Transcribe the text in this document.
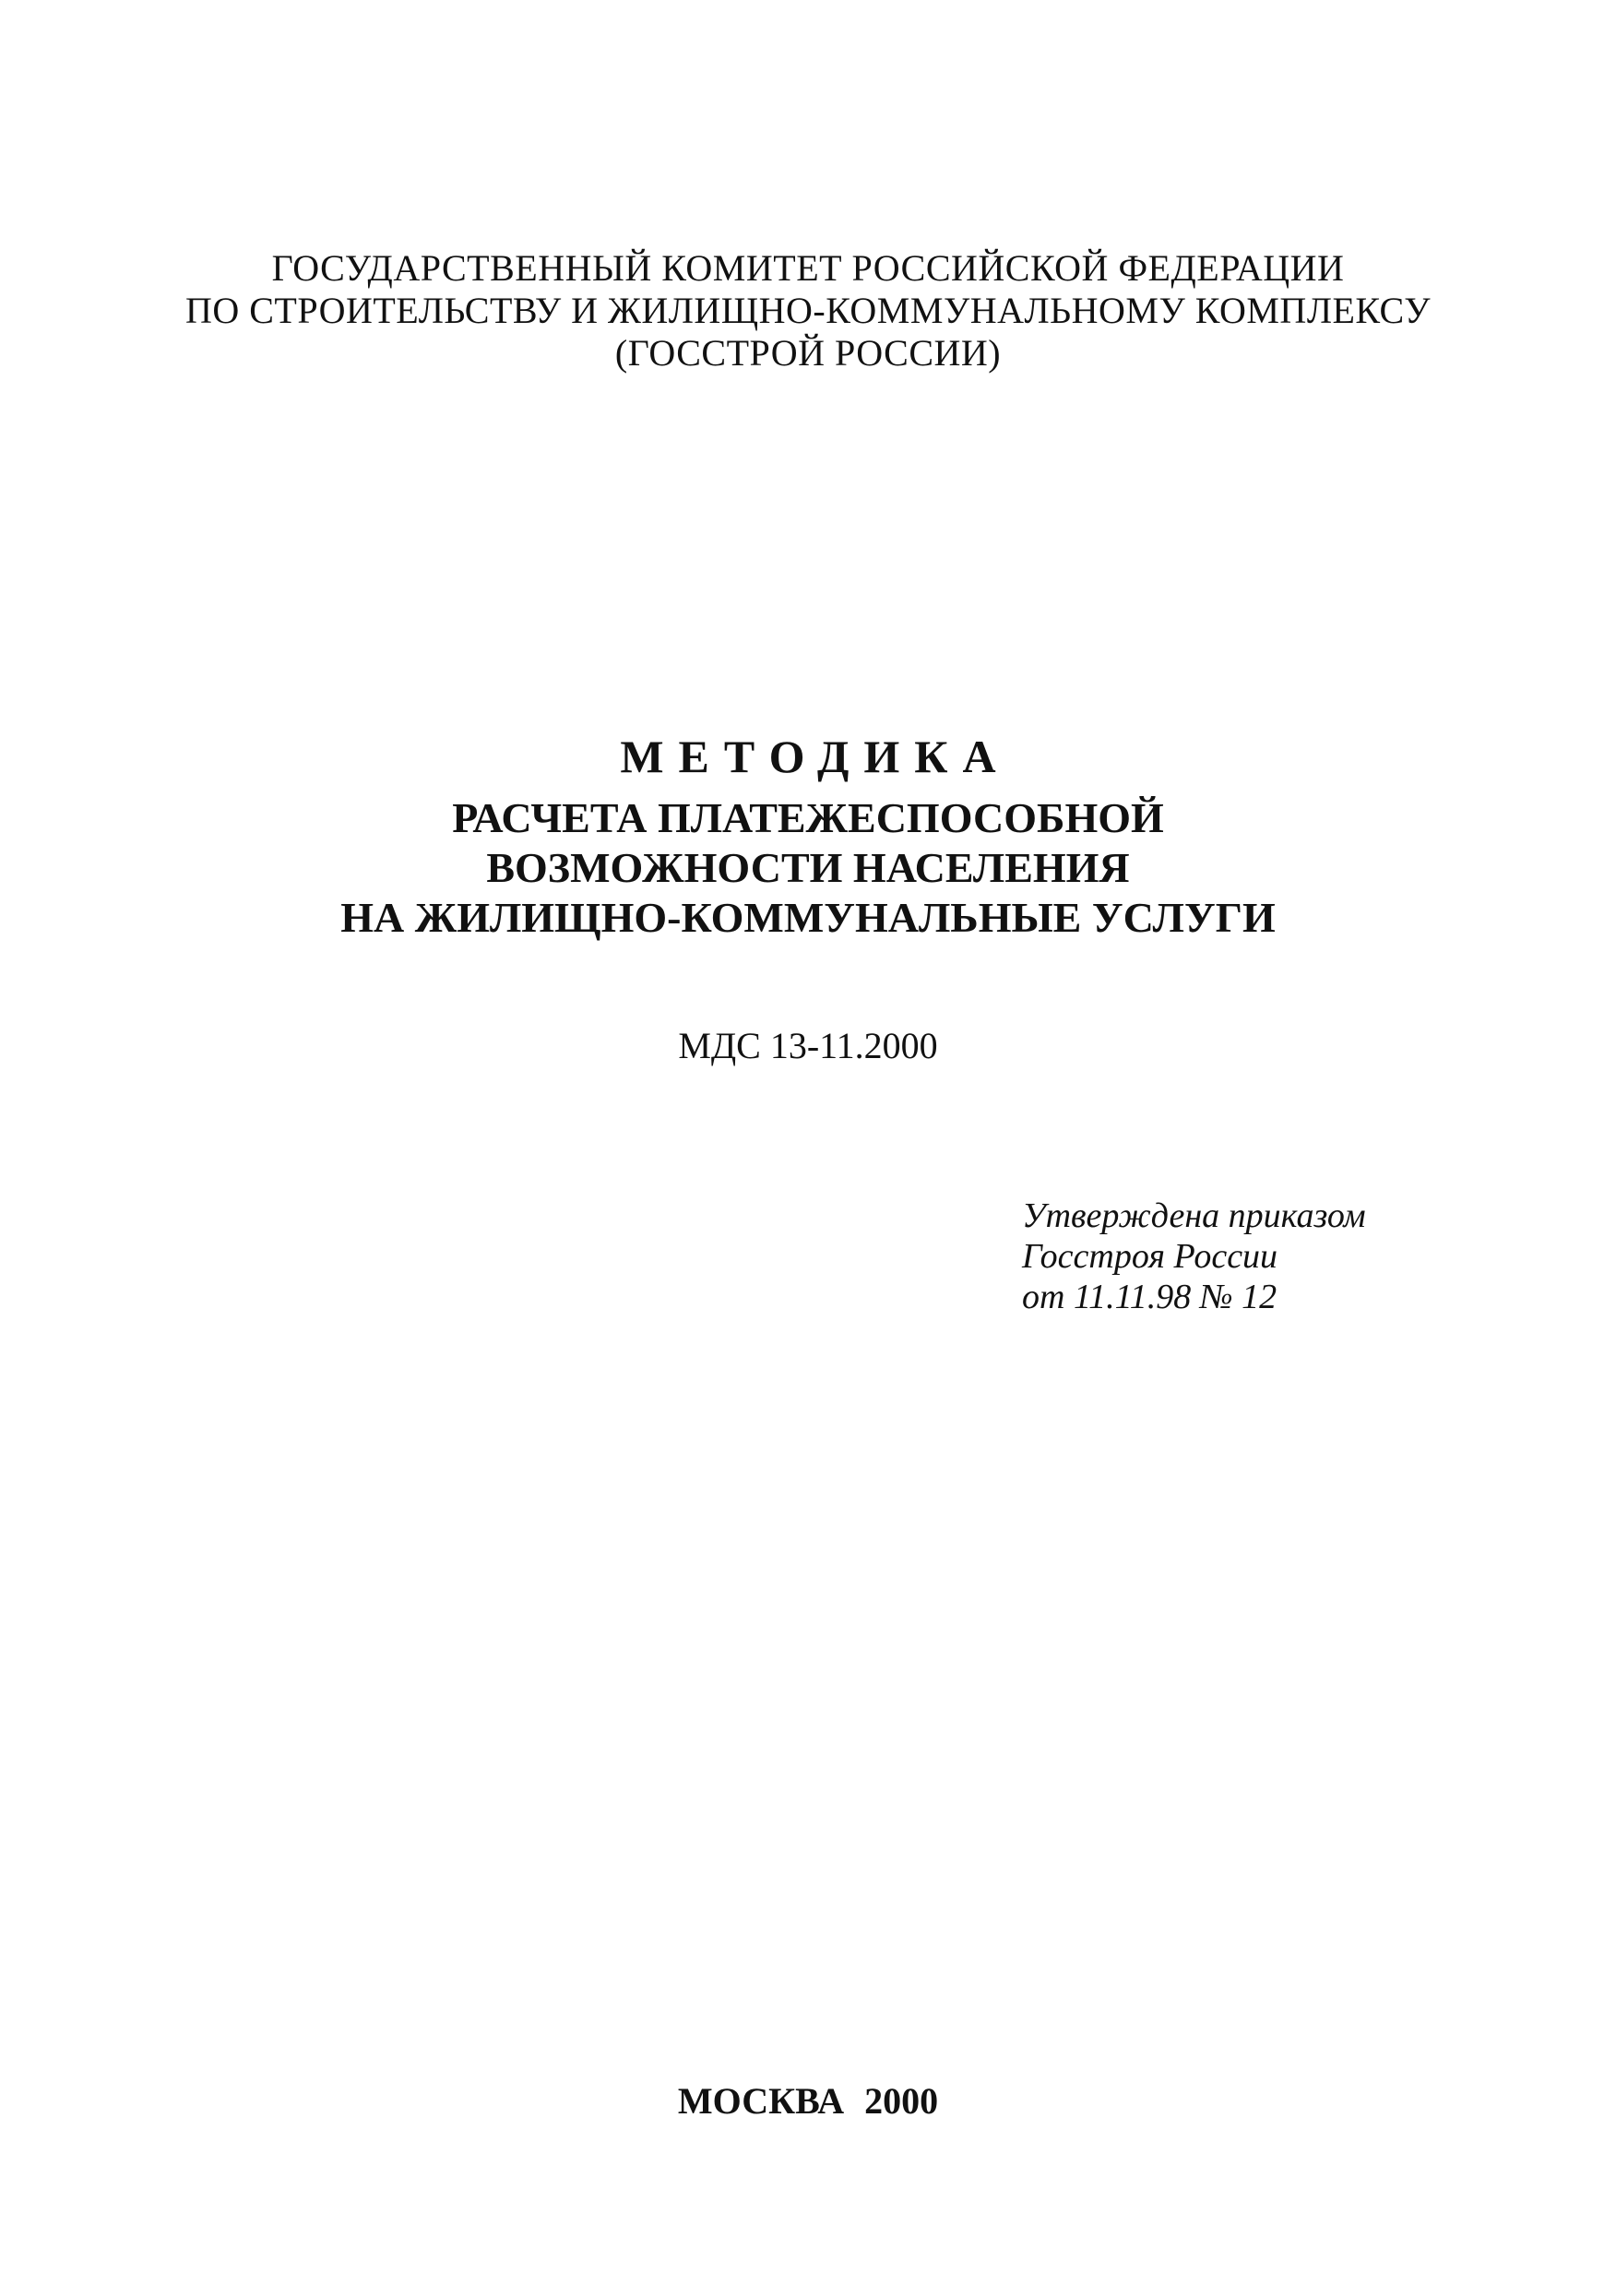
ГОСУДАРСТВЕННЫЙ КОМИТЕТ РОССИЙСКОЙ ФЕДЕРАЦИИ
ПО СТРОИТЕЛЬСТВУ И ЖИЛИЩНО-КОММУНАЛЬНОМУ КОМПЛЕКСУ
(ГОССТРОЙ РОССИИ)
МЕТОДИКА
РАСЧЕТА ПЛАТЕЖЕСПОСОБНОЙ
ВОЗМОЖНОСТИ НАСЕЛЕНИЯ
НА ЖИЛИЩНО-КОММУНАЛЬНЫЕ УСЛУГИ
МДС 13-11.2000
Утверждена приказом
Госстроя России
от 11.11.98 № 12
МОСКВА 2000
